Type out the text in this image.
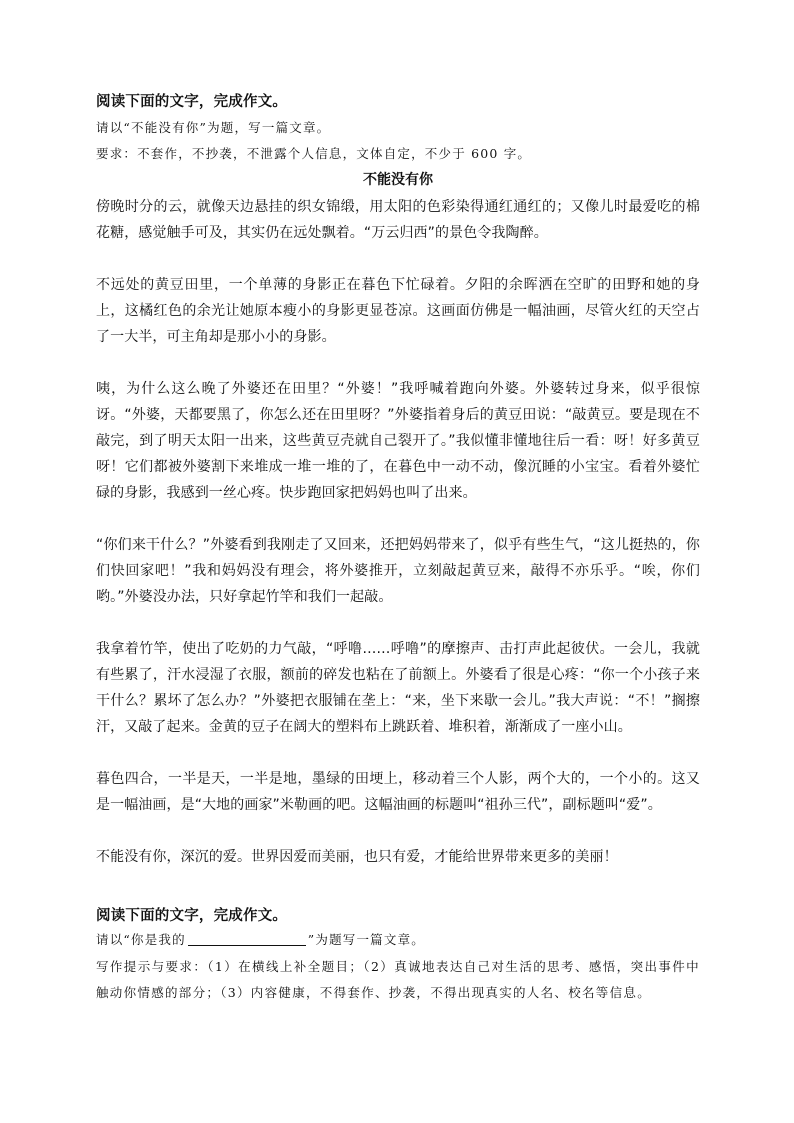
阅读下面的文字，完成作文。
请以“不能没有你”为题，写一篇文章。
要求：不套作，不抄袭，不泄露个人信息，文体自定，不少于 600 字。
不能没有你

傍晚时分的云，就像天边悬挂的织女锦缎，用太阳的色彩染得通红通红的；又像儿时最爱吃的棉花糖，感觉触手可及，其实仍在远处飘着。“万云归西”的景色令我陶醉。

不远处的黄豆田里，一个单薄的身影正在暮色下忙碌着。夕阳的余晖洒在空旷的田野和她的身上，这橘红色的余光让她原本瘦小的身影更显苍凉。这画面仿佛是一幅油画，尽管火红的天空占了一大半，可主角却是那小小的身影。

咦，为什么这么晚了外婆还在田里？“外婆！”我呼喊着跑向外婆。外婆转过身来，似乎很惊讶。“外婆，天都要黑了，你怎么还在田里呀？”外婆指着身后的黄豆田说：“敲黄豆。要是现在不敲完，到了明天太阳一出来，这些黄豆壳就自己裂开了。”我似懂非懂地往后一看：呀！好多黄豆呀！它们都被外婆割下来堆成一堆一堆的了，在暮色中一动不动，像沉睡的小宝宝。看着外婆忙碌的身影，我感到一丝心疼。快步跑回家把妈妈也叫了出来。

“你们来干什么？”外婆看到我刚走了又回来，还把妈妈带来了，似乎有些生气，“这儿挺热的，你们快回家吧！”我和妈妈没有理会，将外婆推开，立刻敲起黄豆来，敲得不亦乐乎。“唉，你们哟。”外婆没办法，只好拿起竹竿和我们一起敲。

我拿着竹竿，使出了吃奶的力气敲，“呼噜……呼噜”的摩擦声、击打声此起彼伏。一会儿，我就有些累了，汗水浸湿了衣服，额前的碎发也粘在了前额上。外婆看了很是心疼：“你一个小孩子来干什么？累坏了怎么办？”外婆把衣服铺在垄上：“来，坐下来歇一会儿。”我大声说：“不！”搁擦汗，又敲了起来。金黄的豆子在阔大的塑料布上跳跃着、堆积着，渐渐成了一座小山。

暮色四合，一半是天，一半是地，墨绿的田埂上，移动着三个人影，两个大的，一个小的。这又是一幅油画，是“大地的画家”米勒画的吧。这幅油画的标题叫“祖孙三代”，副标题叫“爱”。

不能没有你，深沉的爱。世界因爱而美丽，也只有爱，才能给世界带来更多的美丽！

阅读下面的文字，完成作文。
请以“你是我的	”为题写一篇文章。
写作提示与要求：（1）在横线上补全题目；（2）真诚地表达自己对生活的思考、感悟，突出事件中触动你情感的部分；（3）内容健康，不得套作、抄袭，不得出现真实的人名、校名等信息。
